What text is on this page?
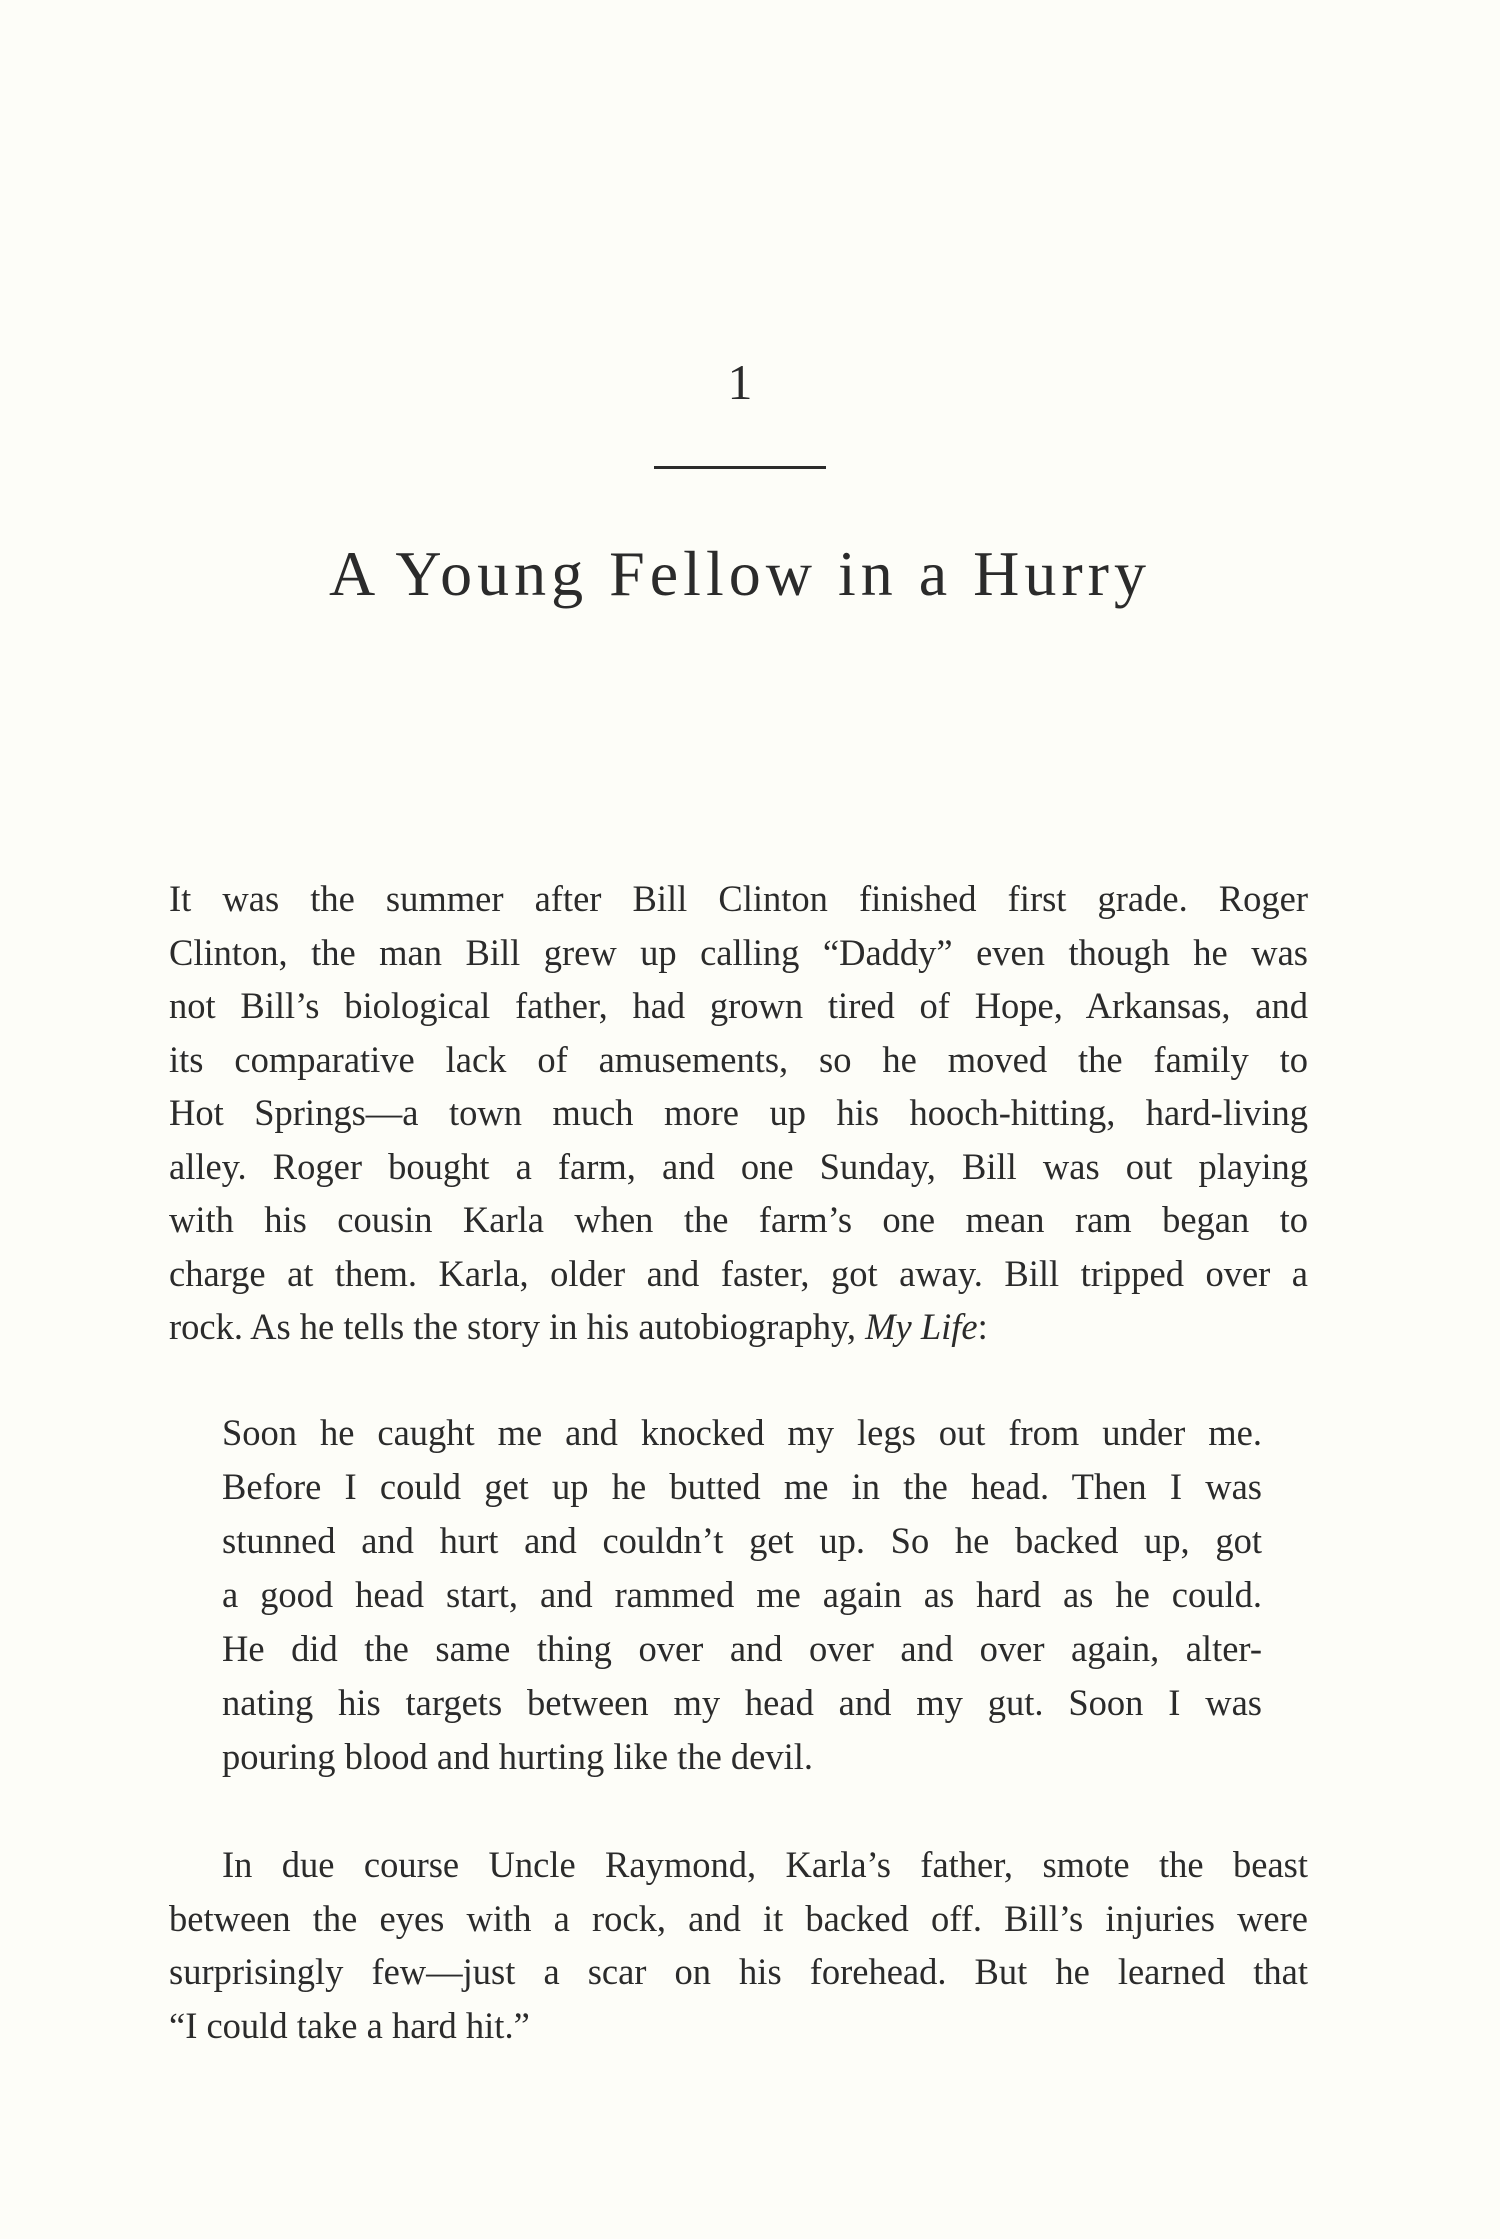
1
A Young Fellow in a Hurry

It was the summer after Bill Clinton finished first grade. Roger
Clinton, the man Bill grew up calling “Daddy” even though he was
not Bill’s biological father, had grown tired of Hope, Arkansas, and
its comparative lack of amusements, so he moved the family to
Hot Springs—a town much more up his hooch-hitting, hard-living
alley. Roger bought a farm, and one Sunday, Bill was out playing
with his cousin Karla when the farm’s one mean ram began to
charge at them. Karla, older and faster, got away. Bill tripped over a
rock. As he tells the story in his autobiography, My Life:

Soon he caught me and knocked my legs out from under me.
Before I could get up he butted me in the head. Then I was
stunned and hurt and couldn’t get up. So he backed up, got
a good head start, and rammed me again as hard as he could.
He did the same thing over and over and over again, alter-
nating his targets between my head and my gut. Soon I was
pouring blood and hurting like the devil.

In due course Uncle Raymond, Karla’s father, smote the beast
between the eyes with a rock, and it backed off. Bill’s injuries were
surprisingly few—just a scar on his forehead. But he learned that
“I could take a hard hit.”
